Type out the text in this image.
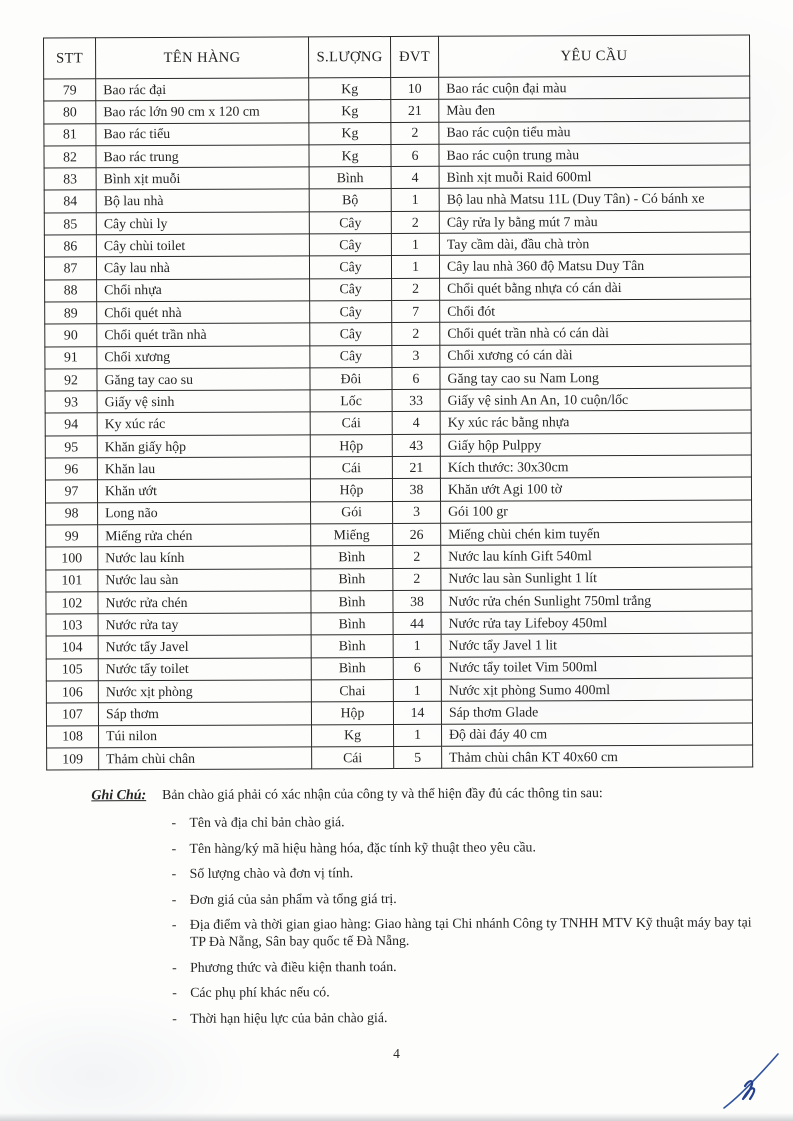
STT	TÊN HÀNG	S.LƯỢNG	ĐVT	YÊU CẦU
79	Bao rác đại	Kg	10	Bao rác cuộn đại màu
80	Bao rác lớn 90 cm x 120 cm	Kg	21	Màu đen
81	Bao rác tiểu	Kg	2	Bao rác cuộn tiểu màu
82	Bao rác trung	Kg	6	Bao rác cuộn trung màu
83	Bình xịt muỗi	Bình	4	Bình xịt muỗi Raid 600ml
84	Bộ lau nhà	Bộ	1	Bộ lau nhà Matsu 11L (Duy Tân) - Có bánh xe
85	Cây chùi ly	Cây	2	Cây rửa ly bằng mút 7 màu
86	Cây chùi toilet	Cây	1	Tay cầm dài, đầu chà tròn
87	Cây lau nhà	Cây	1	Cây lau nhà 360 độ Matsu Duy Tân
88	Chổi nhựa	Cây	2	Chổi quét bằng nhựa có cán dài
89	Chổi quét nhà	Cây	7	Chổi đót
90	Chổi quét trần nhà	Cây	2	Chổi quét trần nhà có cán dài
91	Chổi xương	Cây	3	Chổi xương có cán dài
92	Găng tay cao su	Đôi	6	Găng tay cao su Nam Long
93	Giấy vệ sinh	Lốc	33	Giấy vệ sinh An An, 10 cuộn/lốc
94	Ky xúc rác	Cái	4	Ky xúc rác bằng nhựa
95	Khăn giấy hộp	Hộp	43	Giấy hộp Pulppy
96	Khăn lau	Cái	21	Kích thước: 30x30cm
97	Khăn ướt	Hộp	38	Khăn ướt Agi 100 tờ
98	Long não	Gói	3	Gói 100 gr
99	Miếng rửa chén	Miếng	26	Miếng chùi chén kim tuyến
100	Nước lau kính	Bình	2	Nước lau kính Gift 540ml
101	Nước lau sàn	Bình	2	Nước lau sàn Sunlight 1 lít
102	Nước rửa chén	Bình	38	Nước rửa chén Sunlight 750ml trắng
103	Nước rửa tay	Bình	44	Nước rửa tay Lifeboy 450ml
104	Nước tẩy Javel	Bình	1	Nước tẩy Javel 1 lit
105	Nước tẩy toilet	Bình	6	Nước tẩy toilet Vim 500ml
106	Nước xịt phòng	Chai	1	Nước xịt phòng Sumo 400ml
107	Sáp thơm	Hộp	14	Sáp thơm Glade
108	Túi nilon	Kg	1	Độ dài đáy 40 cm
109	Thảm chùi chân	Cái	5	Thảm chùi chân KT 40x60 cm
Ghi Chú: Bản chào giá phải có xác nhận của công ty và thể hiện đầy đủ các thông tin sau:
- Tên và địa chỉ bản chào giá.
- Tên hàng/ký mã hiệu hàng hóa, đặc tính kỹ thuật theo yêu cầu.
- Số lượng chào và đơn vị tính.
- Đơn giá của sản phẩm và tổng giá trị.
- Địa điểm và thời gian giao hàng: Giao hàng tại Chi nhánh Công ty TNHH MTV Kỹ thuật máy bay tại TP Đà Nẵng, Sân bay quốc tế Đà Nẵng.
- Phương thức và điều kiện thanh toán.
- Các phụ phí khác nếu có.
- Thời hạn hiệu lực của bản chào giá.
4
